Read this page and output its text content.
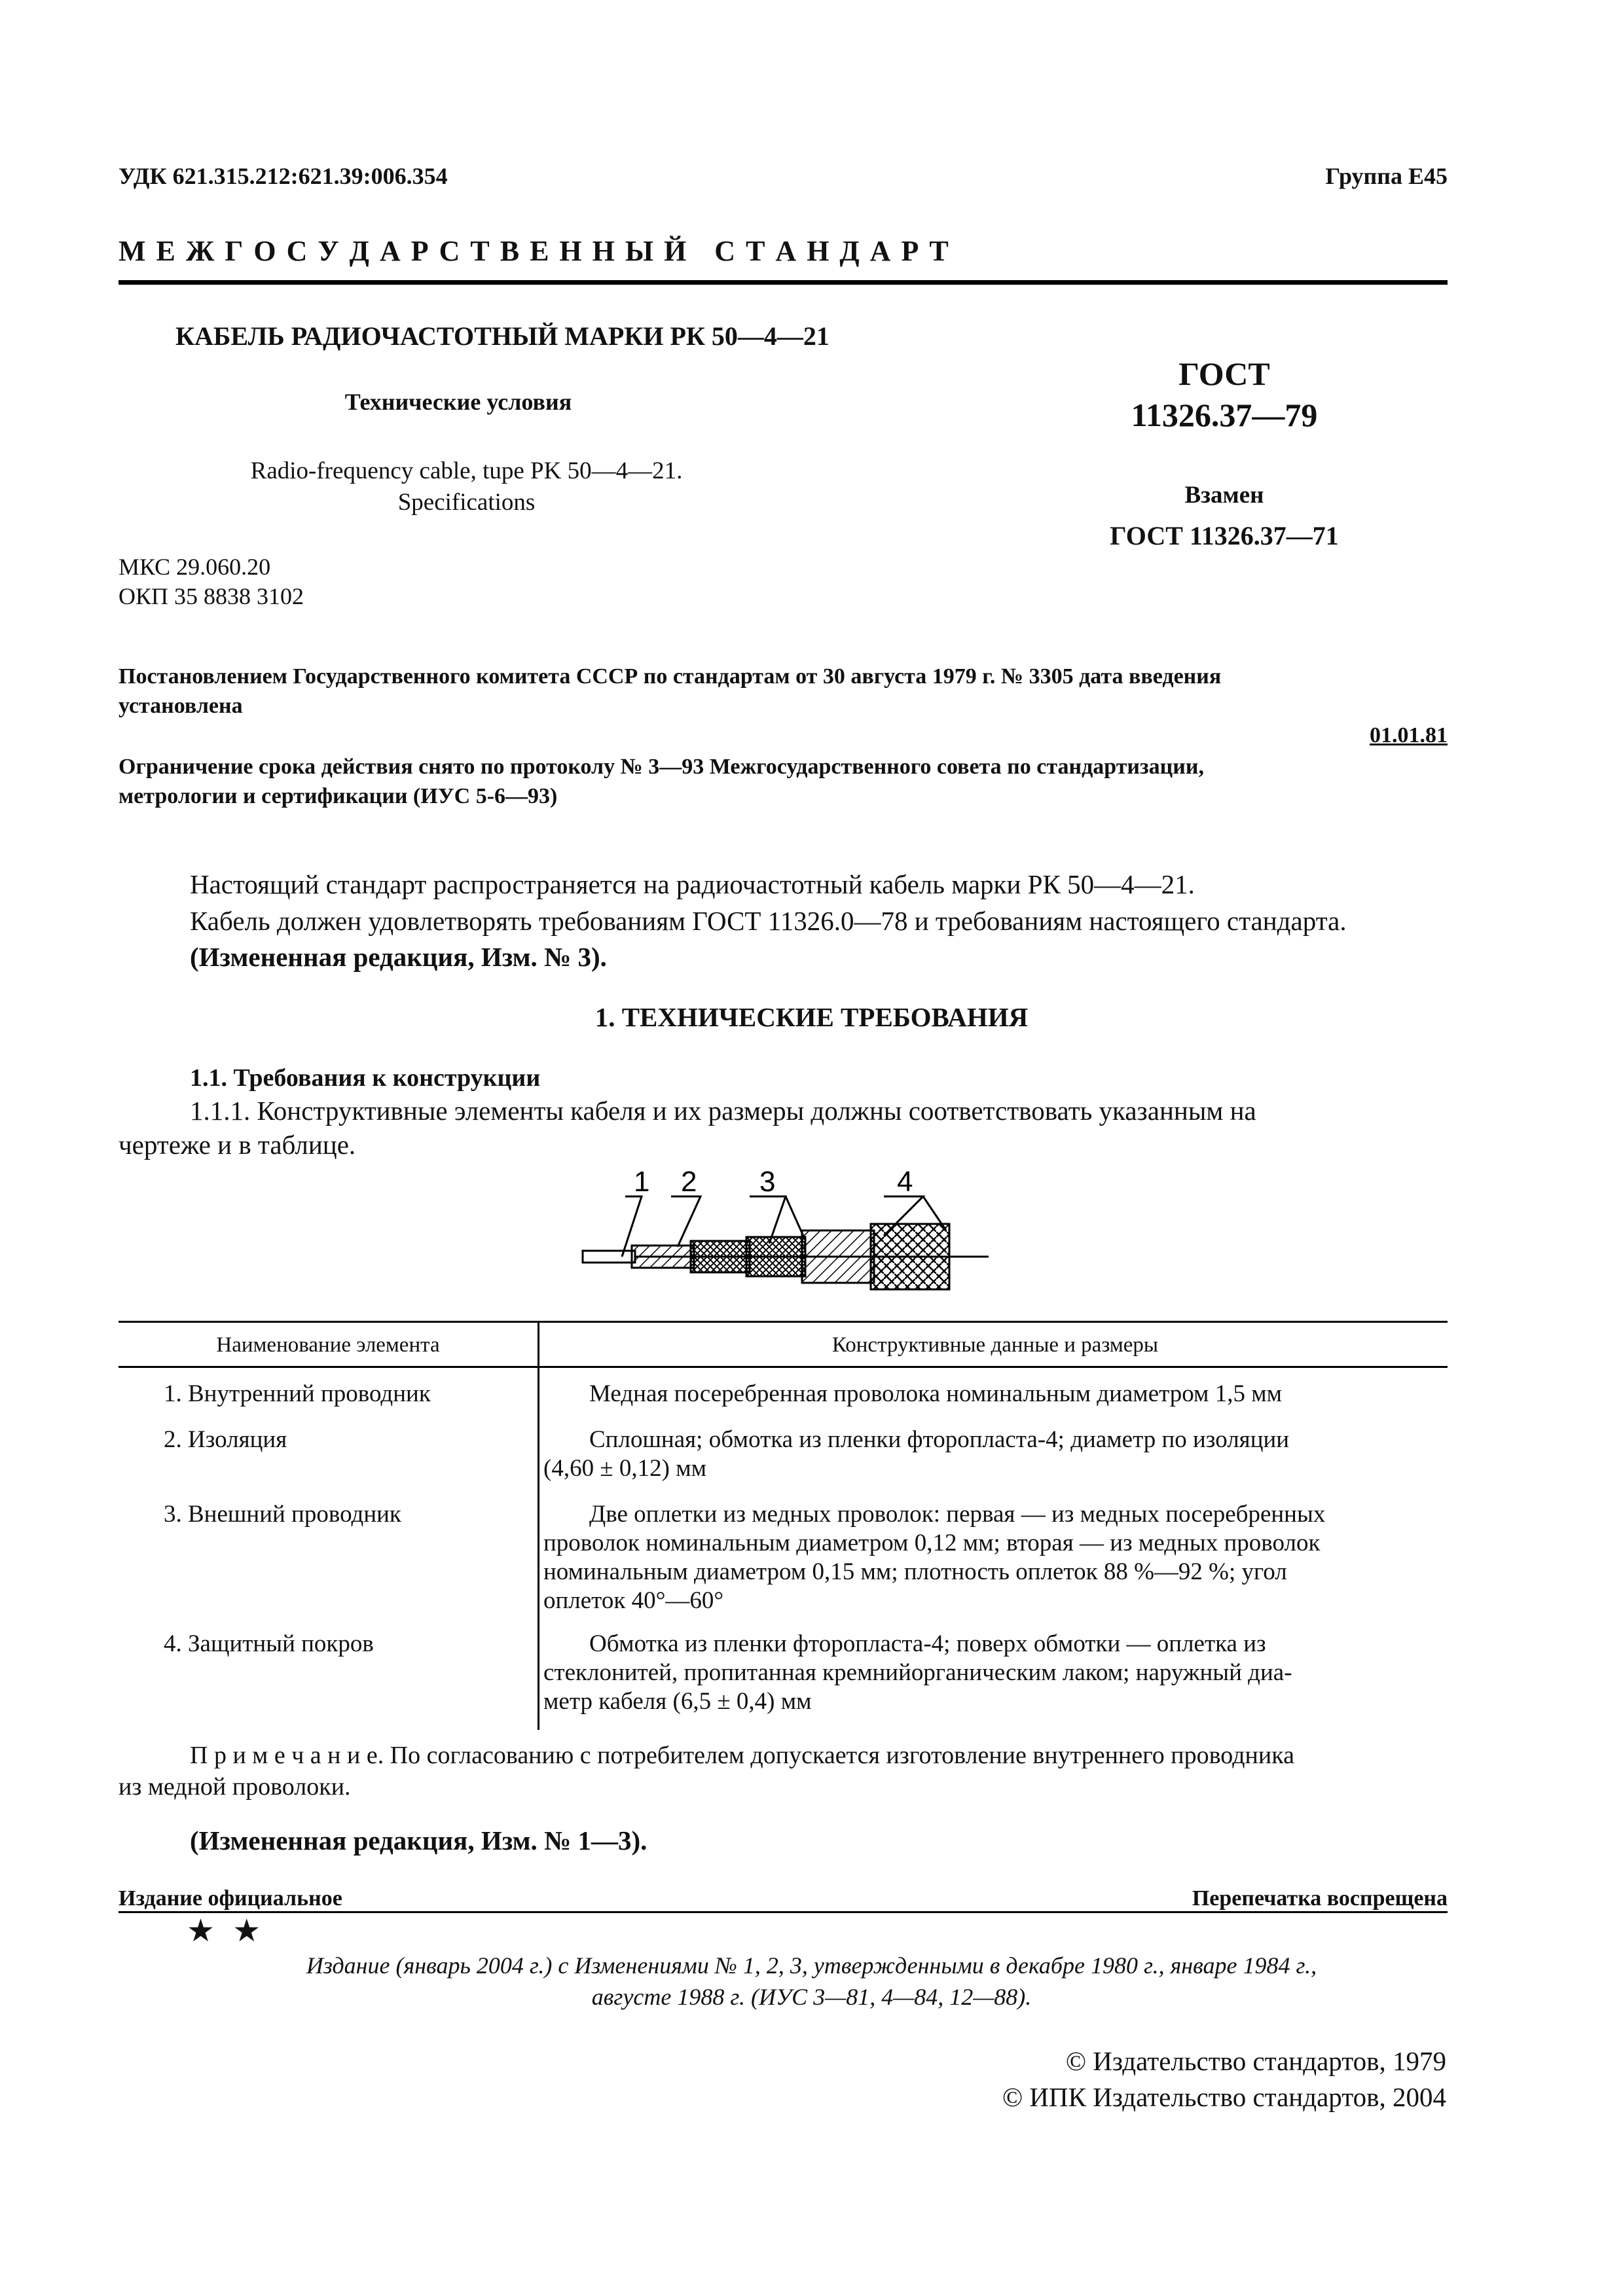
УДК 621.315.212:621.39:006.354	Группа Е45
М Е Ж Г О С У Д А Р С Т В Е Н Н Ы Й   С Т А Н Д А Р Т
КАБЕЛЬ РАДИОЧАСТОТНЫЙ МАРКИ РК 50—4—21
Технические условия
Radio-frequency cable, tupe PK 50—4—21.
Specifications
МКС 29.060.20
ОКП 35 8838 3102
ГОСТ
11326.37—79
Взамен
ГОСТ 11326.37—71
Постановлением Государственного комитета СССР по стандартам от 30 августа 1979 г. № 3305 дата введения
установлена
01.01.81
Ограничение срока действия снято по протоколу № 3—93 Межгосударственного совета по стандартизации,
метрологии и сертификации (ИУС 5-6—93)
Настоящий стандарт распространяется на радиочастотный кабель марки РК 50—4—21.
Кабель должен удовлетворять требованиям ГОСТ 11326.0—78 и требованиям настоящего стандарта.
(Измененная редакция, Изм. № 3).
1. ТЕХНИЧЕСКИЕ ТРЕБОВАНИЯ
1.1. Требования к конструкции
1.1.1. Конструктивные элементы кабеля и их размеры должны соответствовать указанным на
чертеже и в таблице.
1 2 3	4
Наименование элемента	Конструктивные данные и размеры
1. Внутренний проводник	Медная посеребренная проволока номинальным диаметром 1,5 мм
2. Изоляция	Сплошная; обмотка из пленки фторопласта-4; диаметр по изоляции
(4,60 ± 0,12) мм
3. Внешний проводник	Две оплетки из медных проволок: первая — из медных посеребренных
проволок номинальным диаметром 0,12 мм; вторая — из медных проволок
номинальным диаметром 0,15 мм; плотность оплеток 88 %—92 %; угол
оплеток 40°—60°
4. Защитный покров	Обмотка из пленки фторопласта-4; поверх обмотки — оплетка из
стеклонитей, пропитанная кремнийорганическим лаком; наружный диа-
метр кабеля (6,5 ± 0,4) мм
П р и м е ч а н и е. По согласованию с потребителем допускается изготовление внутреннего проводника
из медной проволоки.
(Измененная редакция, Изм. № 1—3).
Издание официальное	Перепечатка воспрещена
★ ★
Издание (январь 2004 г.) с Изменениями № 1, 2, 3, утвержденными в декабре 1980 г., январе 1984 г.,
августе 1988 г. (ИУС 3—81, 4—84, 12—88).
© Издательство стандартов, 1979
© ИПК Издательство стандартов, 2004
